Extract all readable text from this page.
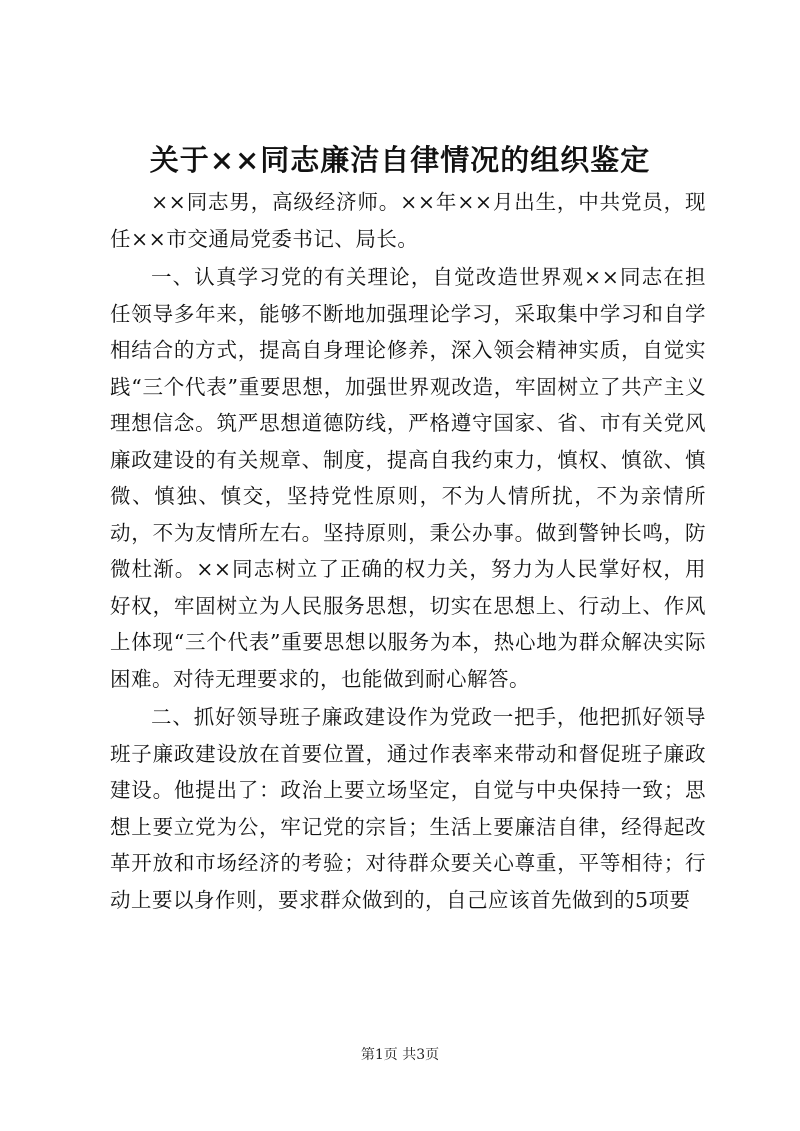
关于××同志廉洁自律情况的组织鉴定

××同志男，高级经济师。××年××月出生，中共党员，现任××市交通局党委书记、局长。

一、认真学习党的有关理论，自觉改造世界观××同志在担任领导多年来，能够不断地加强理论学习，采取集中学习和自学相结合的方式，提高自身理论修养，深入领会精神实质，自觉实践“三个代表”重要思想，加强世界观改造，牢固树立了共产主义理想信念。筑严思想道德防线，严格遵守国家、省、市有关党风廉政建设的有关规章、制度，提高自我约束力，慎权、慎欲、慎微、慎独、慎交，坚持党性原则，不为人情所扰，不为亲情所动，不为友情所左右。坚持原则，秉公办事。做到警钟长鸣，防微杜渐。××同志树立了正确的权力关，努力为人民掌好权，用好权，牢固树立为人民服务思想，切实在思想上、行动上、作风上体现“三个代表”重要思想以服务为本，热心地为群众解决实际困难。对待无理要求的，也能做到耐心解答。

二、抓好领导班子廉政建设作为党政一把手，他把抓好领导班子廉政建设放在首要位置，通过作表率来带动和督促班子廉政建设。他提出了：政治上要立场坚定，自觉与中央保持一致；思想上要立党为公，牢记党的宗旨；生活上要廉洁自律，经得起改革开放和市场经济的考验；对待群众要关心尊重，平等相待；行动上要以身作则，要求群众做到的，自己应该首先做到的5项要

第1页 共3页
